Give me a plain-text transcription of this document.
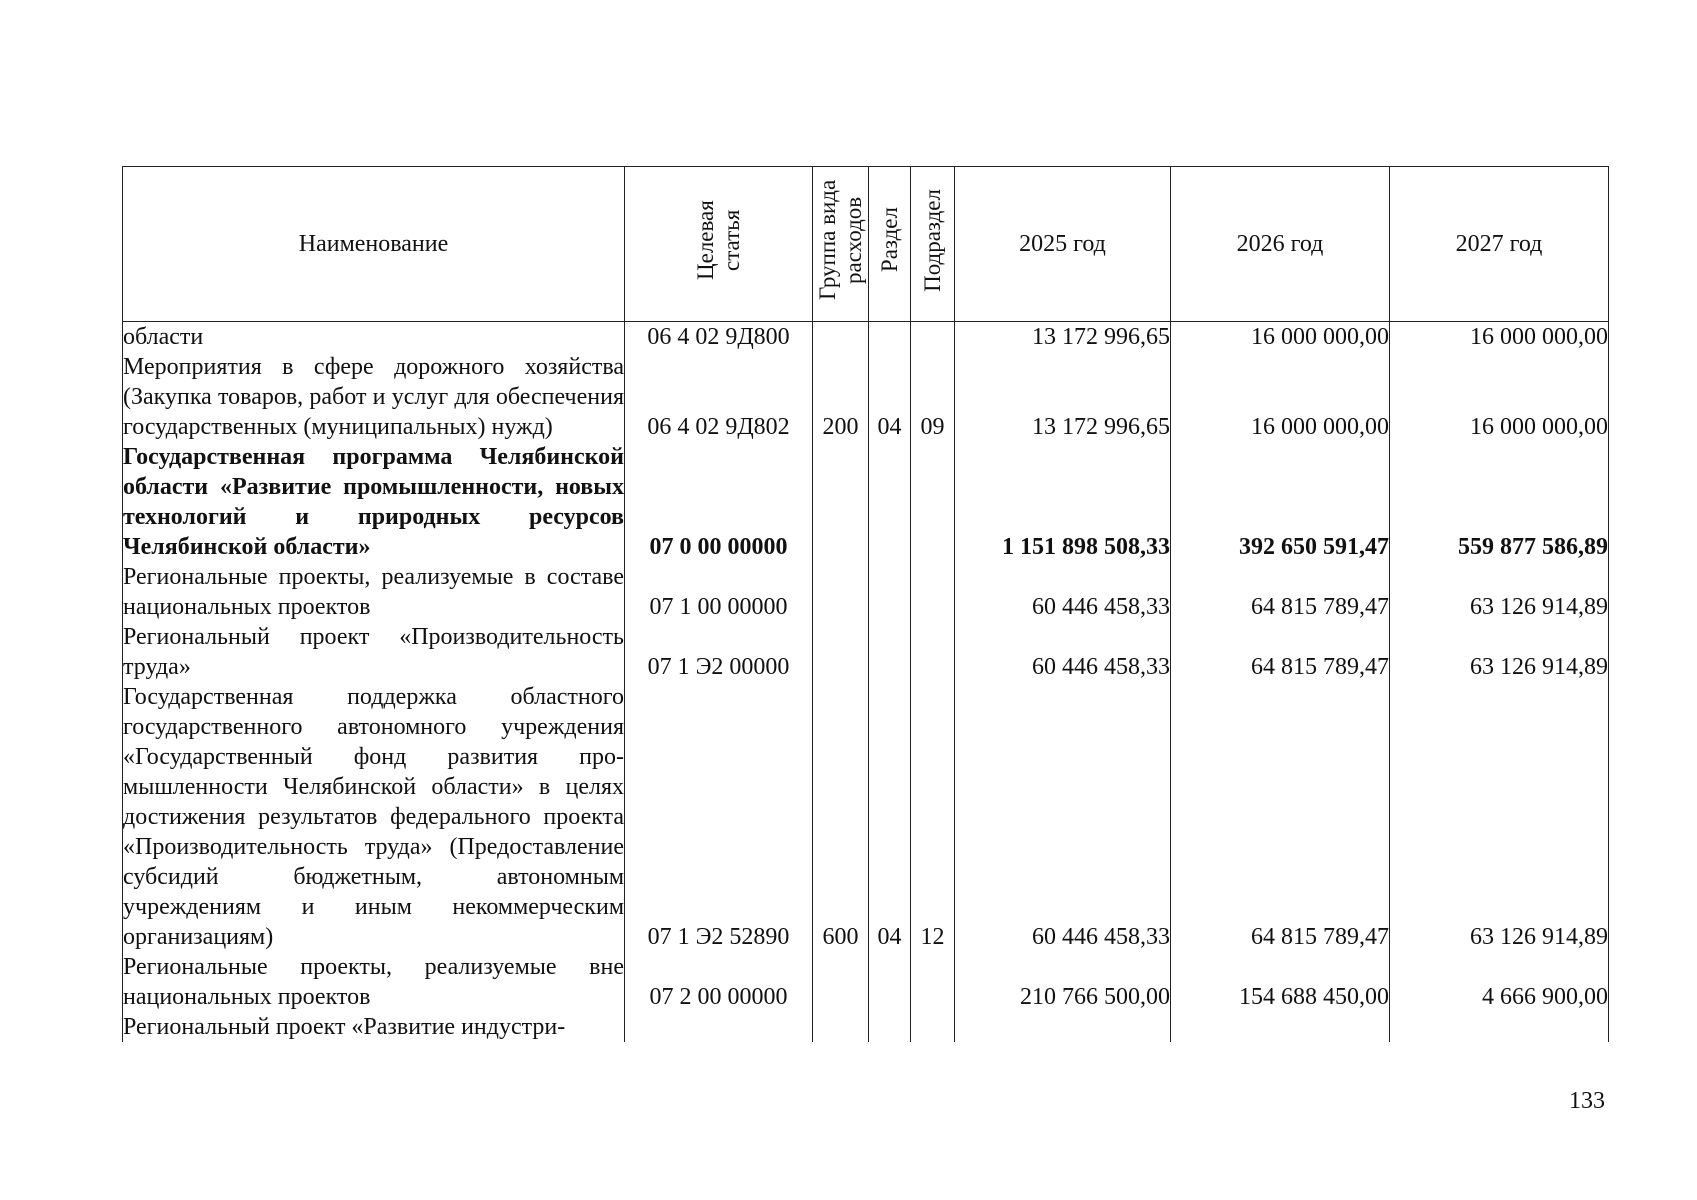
Наименование	Целевая статья	Группа вида расходов	Раздел	Подраздел	2025 год	2026 год	2027 год
области	06 4 02 9Д800				13 172 996,65	16 000 000,00	16 000 000,00
Мероприятия в сфере дорожного хозяйства (Закупка товаров, работ и услуг для обеспечения государственных (муниципальных) нужд)	06 4 02 9Д802	200	04	09	13 172 996,65	16 000 000,00	16 000 000,00
Государственная программа Челябинской области «Развитие промышленности, новых технологий и природных ресурсов Челябинской области»	07 0 00 00000				1 151 898 508,33	392 650 591,47	559 877 586,89
Региональные проекты, реализуемые в составе национальных проектов	07 1 00 00000				60 446 458,33	64 815 789,47	63 126 914,89
Региональный проект «Производительность труда»	07 1 Э2 00000				60 446 458,33	64 815 789,47	63 126 914,89
Государственная поддержка областного государственного автономного учреждения «Государственный фонд развития промышленности Челябинской области» в целях достижения результатов федерального проекта «Производительность труда» (Предоставление субсидий бюджетным, автономным учреждениям и иным некоммерческим организациям)	07 1 Э2 52890	600	04	12	60 446 458,33	64 815 789,47	63 126 914,89
Региональные проекты, реализуемые вне национальных проектов	07 2 00 00000				210 766 500,00	154 688 450,00	4 666 900,00
Региональный проект «Развитие индустри-							
133
